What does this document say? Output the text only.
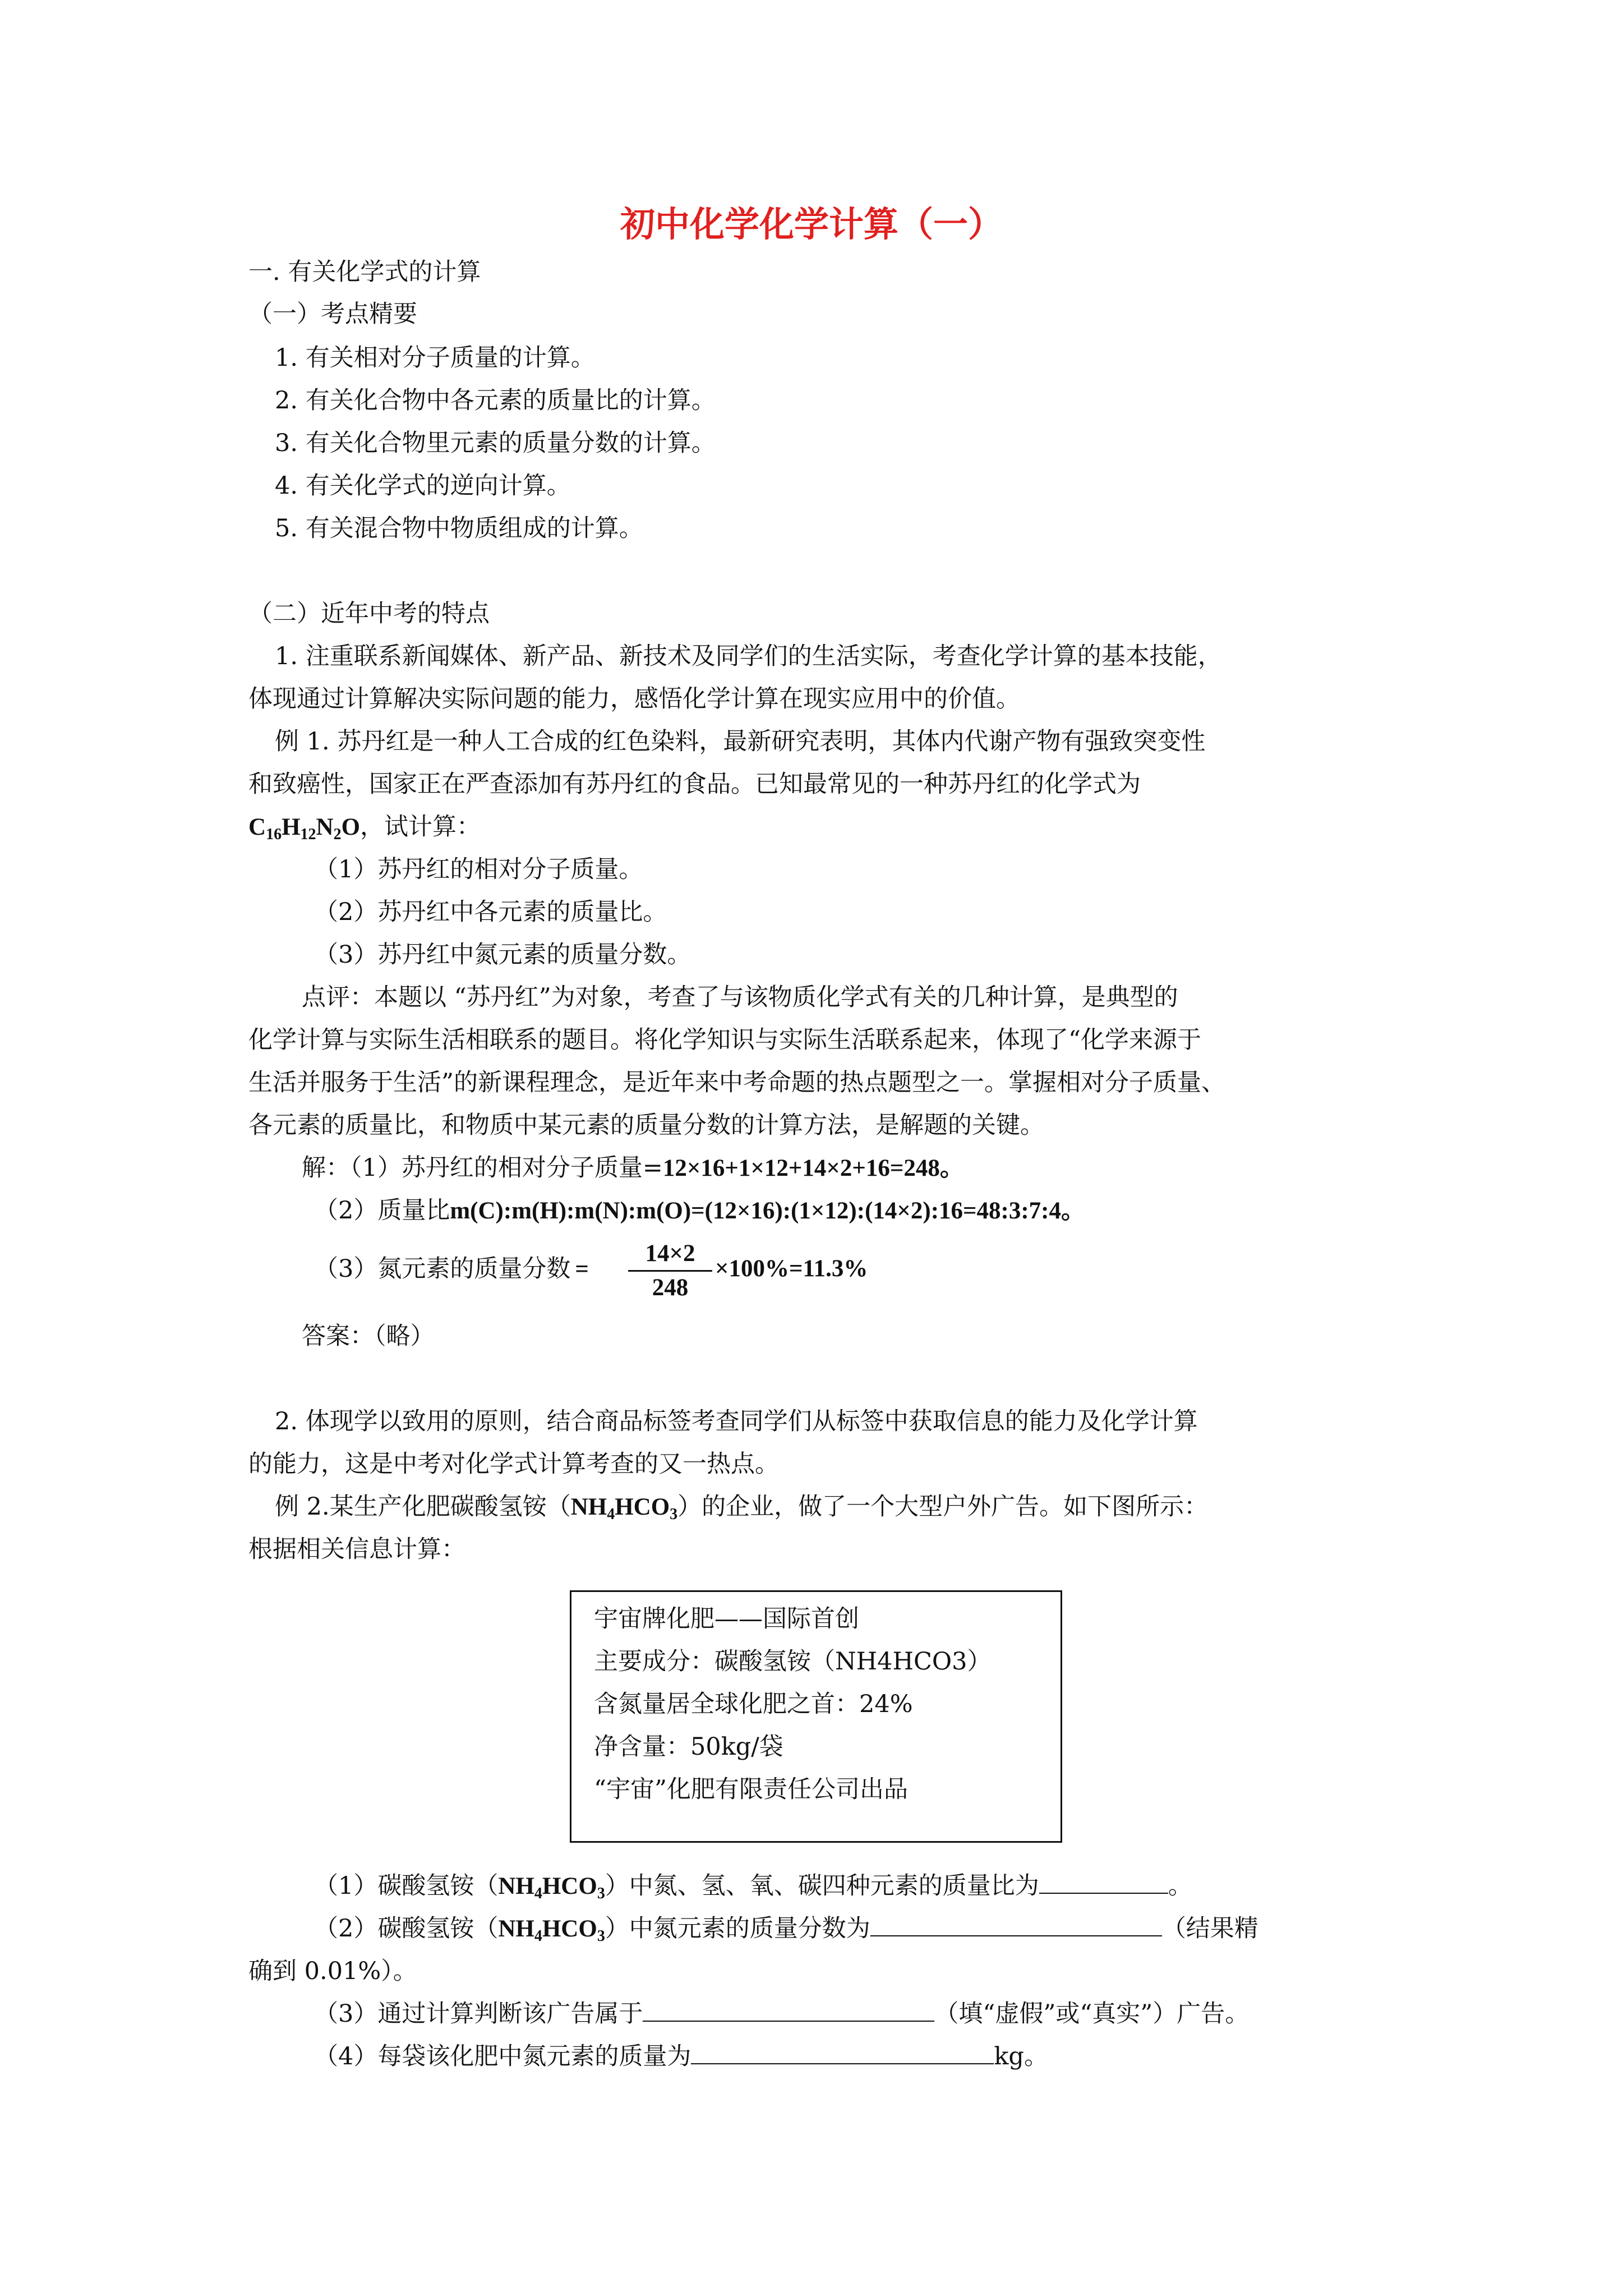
初中化学化学计算（一）
一. 有关化学式的计算
（一）考点精要
1. 有关相对分子质量的计算。
2. 有关化合物中各元素的质量比的计算。
3. 有关化合物里元素的质量分数的计算。
4. 有关化学式的逆向计算。
5. 有关混合物中物质组成的计算。
（二）近年中考的特点
1. 注重联系新闻媒体、新产品、新技术及同学们的生活实际，考查化学计算的基本技能，
体现通过计算解决实际问题的能力，感悟化学计算在现实应用中的价值。
例 1. 苏丹红是一种人工合成的红色染料，最新研究表明，其体内代谢产物有强致突变性
和致癌性，国家正在严查添加有苏丹红的食品。已知最常见的一种苏丹红的化学式为
$C_{16}H_{12}N_2O$，试计算：
（1）苏丹红的相对分子质量。
（2）苏丹红中各元素的质量比。
（3）苏丹红中氮元素的质量分数。
点评：本题以 “苏丹红”为对象，考查了与该物质化学式有关的几种计算，是典型的
化学计算与实际生活相联系的题目。将化学知识与实际生活联系起来，体现了“化学来源于
生活并服务于生活”的新课程理念，是近年来中考命题的热点题型之一。掌握相对分子质量、
各元素的质量比，和物质中某元素的质量分数的计算方法，是解题的关键。
解：（1）苏丹红的相对分子质量=12×16+1×12+14×2+16=248。
（2）质量比m(C):m(H):m(N):m(O)=(12×16):(1×12):(14×2):16=48:3:7:4。
（3）氮元素的质量分数 =
14×2
248
×100%=11.3%
答案：（略）
2. 体现学以致用的原则，结合商品标签考查同学们从标签中获取信息的能力及化学计算
的能力，这是中考对化学式计算考查的又一热点。
例 2.某生产化肥碳酸氢铵$(NH_4HCO_3)$的企业，做了一个大型户外广告。如下图所示：
根据相关信息计算：
宇宙牌化肥——国际首创
主要成分：碳酸氢铵（NH4HCO3）
含氮量居全球化肥之首：24%
净含量：50kg/袋
“宇宙”化肥有限责任公司出品
（1）碳酸氢铵$(NH_4HCO_3)$中氮、氢、氧、碳四种元素的质量比为	。
（2）碳酸氢铵$(NH_4HCO_3)$中氮元素的质量分数为	（结果精
确到 0.01%）。
（3）通过计算判断该广告属于	（填“虚假”或“真实”）广告。
（4）每袋该化肥中氮元素的质量为	kg。
